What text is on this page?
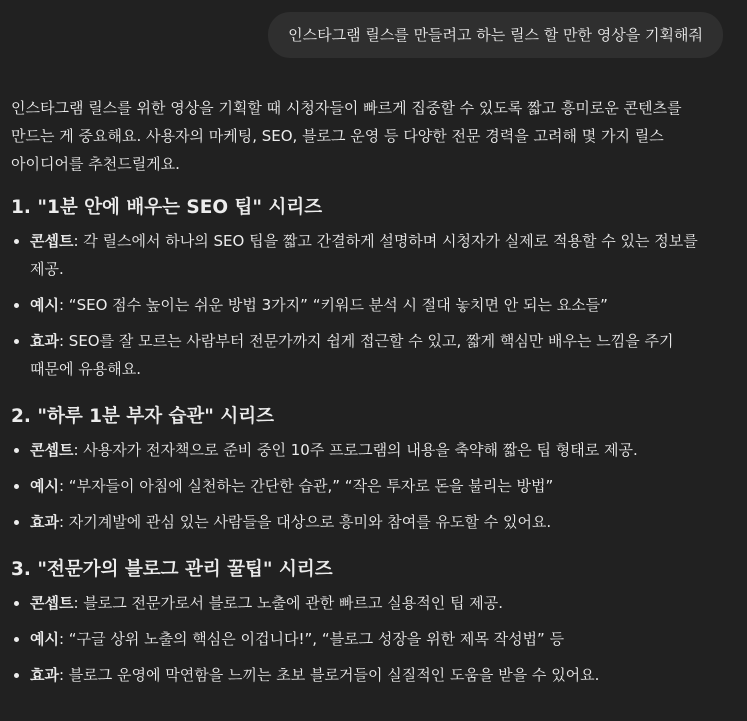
인스타그램 릴스를 만들려고 하는 릴스 할 만한 영상을 기획해줘

인스타그램 릴스를 위한 영상을 기획할 때 시청자들이 빠르게 집중할 수 있도록 짧고 흥미로운 콘텐츠를 만드는 게 중요해요. 사용자의 마케팅, SEO, 블로그 운영 등 다양한 전문 경력을 고려해 몇 가지 릴스 아이디어를 추천드릴게요.

1. "1분 안에 배우는 SEO 팁" 시리즈
콘셉트: 각 릴스에서 하나의 SEO 팁을 짧고 간결하게 설명하며 시청자가 실제로 적용할 수 있는 정보를 제공.
예시: “SEO 점수 높이는 쉬운 방법 3가지” “키워드 분석 시 절대 놓치면 안 되는 요소들”
효과: SEO를 잘 모르는 사람부터 전문가까지 쉽게 접근할 수 있고, 짧게 핵심만 배우는 느낌을 주기 때문에 유용해요.
2. "하루 1분 부자 습관" 시리즈
콘셉트: 사용자가 전자책으로 준비 중인 10주 프로그램의 내용을 축약해 짧은 팁 형태로 제공.
예시: “부자들이 아침에 실천하는 간단한 습관,” “작은 투자로 돈을 불리는 방법”
효과: 자기계발에 관심 있는 사람들을 대상으로 흥미와 참여를 유도할 수 있어요.
3. "전문가의 블로그 관리 꿀팁" 시리즈
콘셉트: 블로그 전문가로서 블로그 노출에 관한 빠르고 실용적인 팁 제공.
예시: “구글 상위 노출의 핵심은 이겁니다!”, “블로그 성장을 위한 제목 작성법” 등
효과: 블로그 운영에 막연함을 느끼는 초보 블로거들이 실질적인 도움을 받을 수 있어요.
